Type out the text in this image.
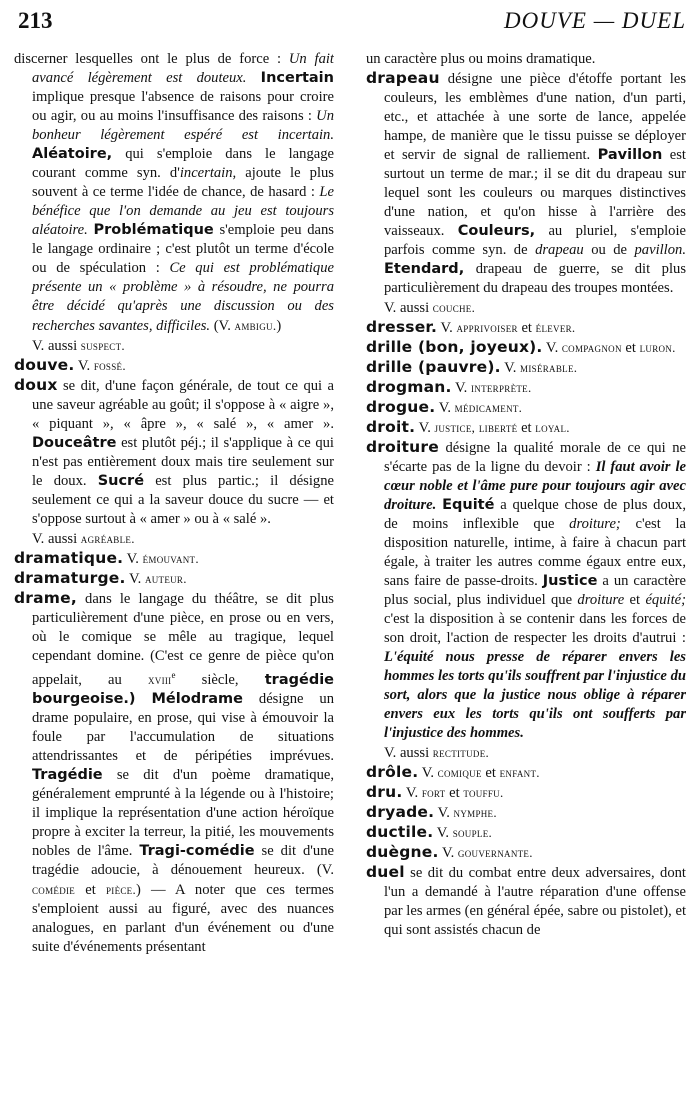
213	DOUVE — DUEL

discerner lesquelles ont le plus de force : Un fait avancé légèrement est douteux. Incertain implique presque l'absence de raisons pour croire ou agir, ou au moins l'insuffisance des raisons : Un bonheur légèrement espéré est incertain. Aléatoire, qui s'emploie dans le langage courant comme syn. d'incertain, ajoute le plus souvent à ce terme l'idée de chance, de hasard : Le bénéfice que l'on demande au jeu est toujours aléatoire. Problématique s'emploie peu dans le langage ordinaire ; c'est plutôt un terme d'école ou de spéculation : Ce qui est problématique présente un « problème » à résoudre, ne pourra être décidé qu'après une discussion ou des recherches savantes, difficiles. (V. ambigu.)

V. aussi suspect.

douve. V. fossé.

doux se dit, d'une façon générale, de tout ce qui a une saveur agréable au goût; il s'oppose à « aigre », « piquant », « âpre », « salé », « amer ». Douceâtre est plutôt péj.; il s'applique à ce qui n'est pas entièrement doux mais tire seulement sur le doux. Sucré est plus partic.; il désigne seulement ce qui a la saveur douce du sucre — et s'oppose surtout à « amer » ou à « salé ».

V. aussi agréable.

dramatique. V. émouvant.

dramaturge. V. auteur.

drame, dans le langage du théâtre, se dit plus particulièrement d'une pièce, en prose ou en vers, où le comique se mêle au tragique, lequel cependant domine. (C'est ce genre de pièce qu'on appelait, au xviii$^e$ siècle, tragédie bourgeoise.) Mélodrame désigne un drame populaire, en prose, qui vise à émouvoir la foule par l'accumulation de situations attendrissantes et de péripéties imprévues. Tragédie se dit d'un poème dramatique, généralement emprunté à la légende ou à l'histoire; il implique la représentation d'une action héroïque propre à exciter la terreur, la pitié, les mouvements nobles de l'âme. Tragi-comédie se dit d'une tragédie adoucie, à dénouement heureux. (V. comédie et pièce.) — A noter que ces termes s'emploient aussi au figuré, avec des nuances analogues, en parlant d'un événement ou d'une suite d'événements présentant

un caractère plus ou moins dramatique.

drapeau désigne une pièce d'étoffe portant les couleurs, les emblèmes d'une nation, d'un parti, etc., et attachée à une sorte de lance, appelée hampe, de manière que le tissu puisse se déployer et servir de signal de ralliement. Pavillon est surtout un terme de mar.; il se dit du drapeau sur lequel sont les couleurs ou marques distinctives d'une nation, et qu'on hisse à l'arrière des vaisseaux. Couleurs, au pluriel, s'emploie parfois comme syn. de drapeau ou de pavillon. Etendard, drapeau de guerre, se dit plus particulièrement du drapeau des troupes montées.

V. aussi couche.

dresser. V. apprivoiser et élever.

drille (bon, joyeux). V. compagnon et luron.

drille (pauvre). V. misérable.

drogman. V. interprète.

drogue. V. médicament.

droit. V. justice, liberté et loyal.

droiture désigne la qualité morale de ce qui ne s'écarte pas de la ligne du devoir : Il faut avoir le cœur noble et l'âme pure pour toujours agir avec droiture. Equité a quelque chose de plus doux, de moins inflexible que droiture; c'est la disposition naturelle, intime, à faire à chacun part égale, à traiter les autres comme égaux entre eux, sans faire de passe-droits. Justice a un caractère plus social, plus individuel que droiture et équité; c'est la disposition à se contenir dans les forces de son droit, l'action de respecter les droits d'autrui : L'équité nous presse de réparer envers les hommes les torts qu'ils souffrent par l'injustice du sort, alors que la justice nous oblige à réparer envers eux les torts qu'ils ont soufferts par l'injustice des hommes.

V. aussi rectitude.

drôle. V. comique et enfant.

dru. V. fort et touffu.

dryade. V. nymphe.

ductile. V. souple.

duègne. V. gouvernante.

duel se dit du combat entre deux adversaires, dont l'un a demandé à l'autre réparation d'une offense par les armes (en général épée, sabre ou pistolet), et qui sont assistés chacun de
